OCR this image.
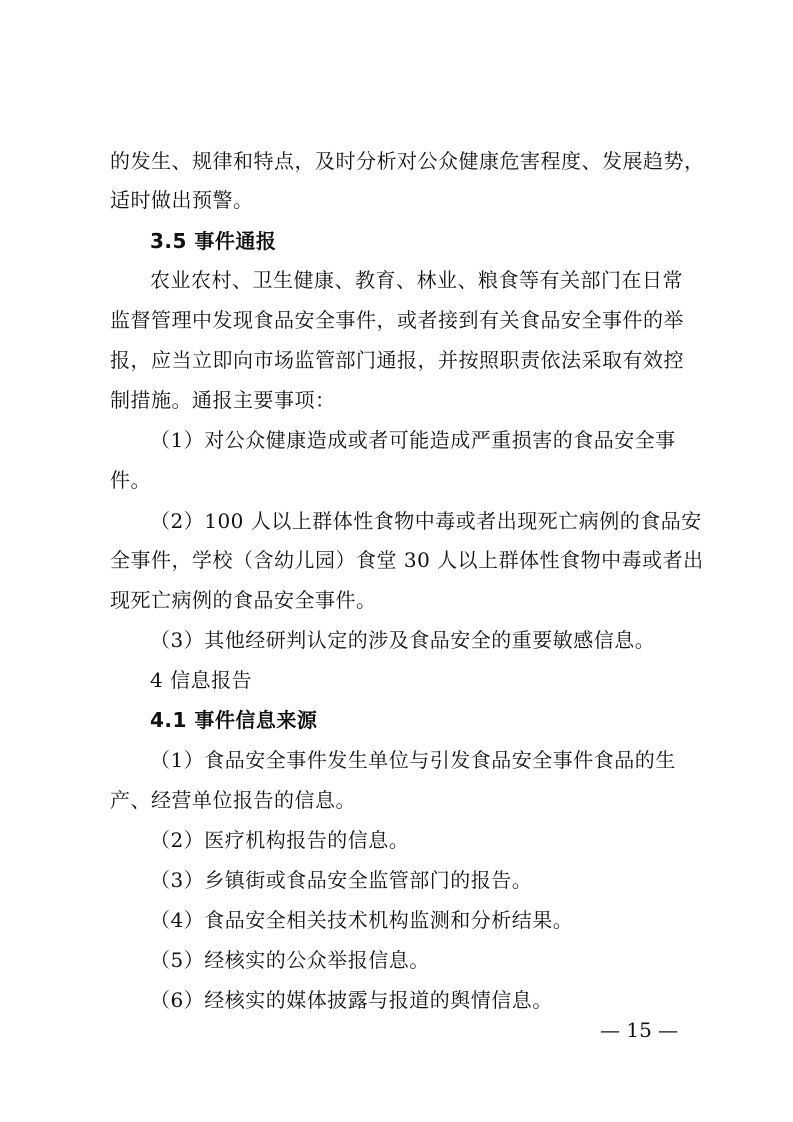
的发生、规律和特点，及时分析对公众健康危害程度、发展趋势，
适时做出预警。
3.5 事件通报
农业农村、卫生健康、教育、林业、粮食等有关部门在日常
监督管理中发现食品安全事件，或者接到有关食品安全事件的举
报，应当立即向市场监管部门通报，并按照职责依法采取有效控
制措施。通报主要事项：
（1）对公众健康造成或者可能造成严重损害的食品安全事
件。
（2）100 人以上群体性食物中毒或者出现死亡病例的食品安
全事件，学校（含幼儿园）食堂 30 人以上群体性食物中毒或者出
现死亡病例的食品安全事件。
（3）其他经研判认定的涉及食品安全的重要敏感信息。
4 信息报告
4.1 事件信息来源
（1）食品安全事件发生单位与引发食品安全事件食品的生
产、经营单位报告的信息。
（2）医疗机构报告的信息。
（3）乡镇街或食品安全监管部门的报告。
（4）食品安全相关技术机构监测和分析结果。
（5）经核实的公众举报信息。
（6）经核实的媒体披露与报道的舆情信息。
— 15 —
